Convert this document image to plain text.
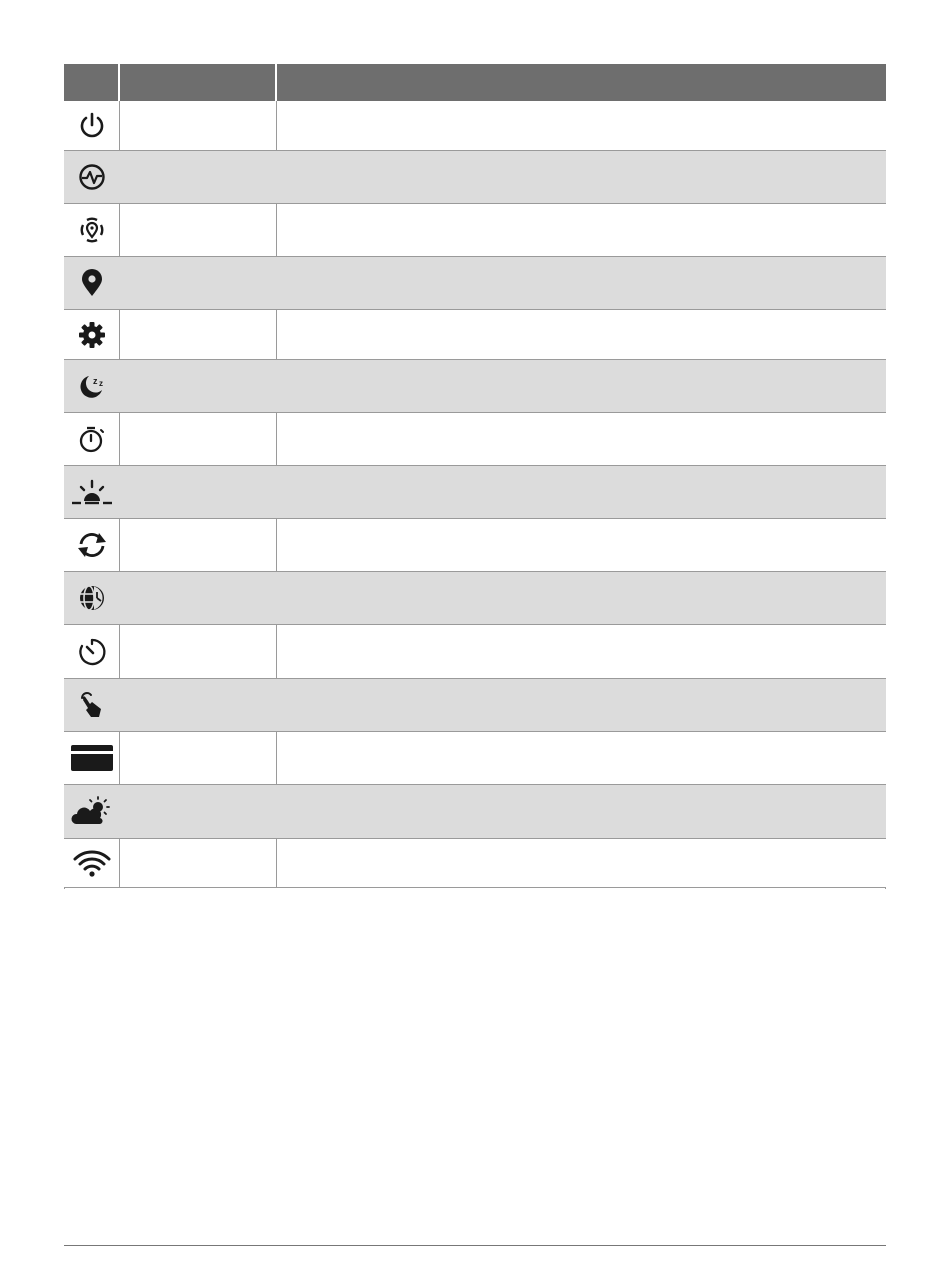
z z
